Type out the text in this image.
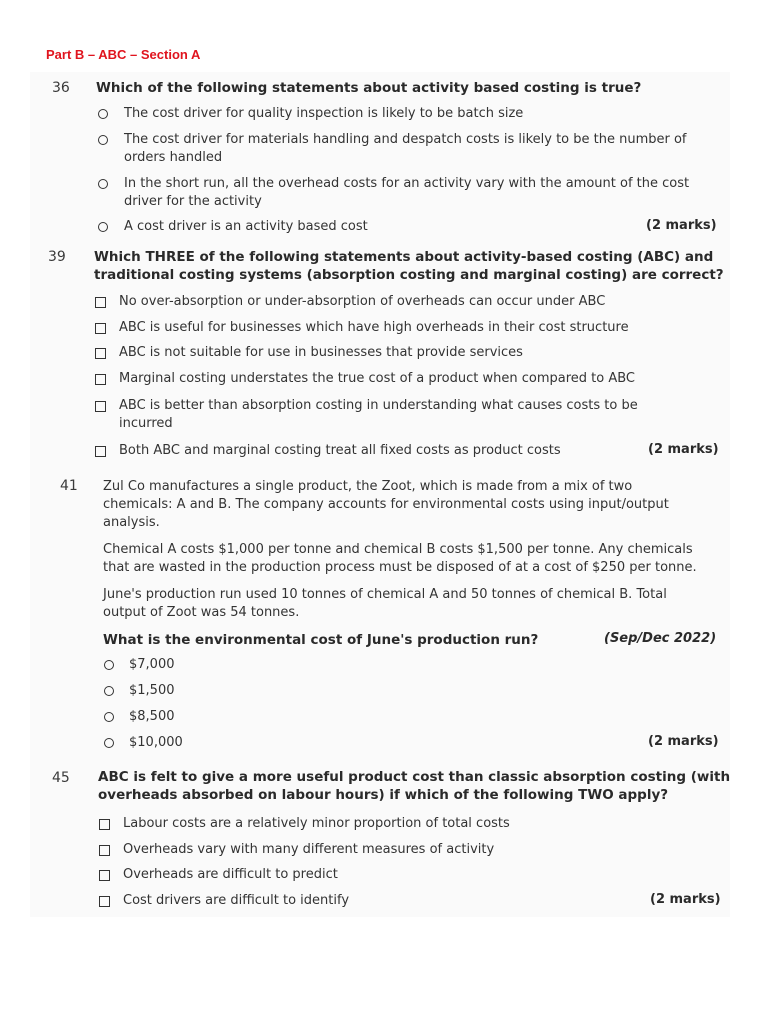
Part B – ABC – Section A
36 Which of the following statements about activity based costing is true?
The cost driver for quality inspection is likely to be batch size
The cost driver for materials handling and despatch costs is likely to be the number of
orders handled
In the short run, all the overhead costs for an activity vary with the amount of the cost
driver for the activity
A cost driver is an activity based cost	(2 marks)
39 Which THREE of the following statements about activity-based costing (ABC) and
traditional costing systems (absorption costing and marginal costing) are correct?
No over-absorption or under-absorption of overheads can occur under ABC
ABC is useful for businesses which have high overheads in their cost structure
ABC is not suitable for use in businesses that provide services
Marginal costing understates the true cost of a product when compared to ABC
ABC is better than absorption costing in understanding what causes costs to be
incurred
Both ABC and marginal costing treat all fixed costs as product costs	(2 marks)
41 Zul Co manufactures a single product, the Zoot, which is made from a mix of two
chemicals: A and B. The company accounts for environmental costs using input/output
analysis.
Chemical A costs $1,000 per tonne and chemical B costs $1,500 per tonne. Any chemicals
that are wasted in the production process must be disposed of at a cost of $250 per tonne.
June's production run used 10 tonnes of chemical A and 50 tonnes of chemical B. Total
output of Zoot was 54 tonnes.
What is the environmental cost of June's production run?	(Sep/Dec 2022)
$7,000
$1,500
$8,500
$10,000	(2 marks)
45 ABC is felt to give a more useful product cost than classic absorption costing (with
overheads absorbed on labour hours) if which of the following TWO apply?
Labour costs are a relatively minor proportion of total costs
Overheads vary with many different measures of activity
Overheads are difficult to predict
Cost drivers are difficult to identify	(2 marks)
